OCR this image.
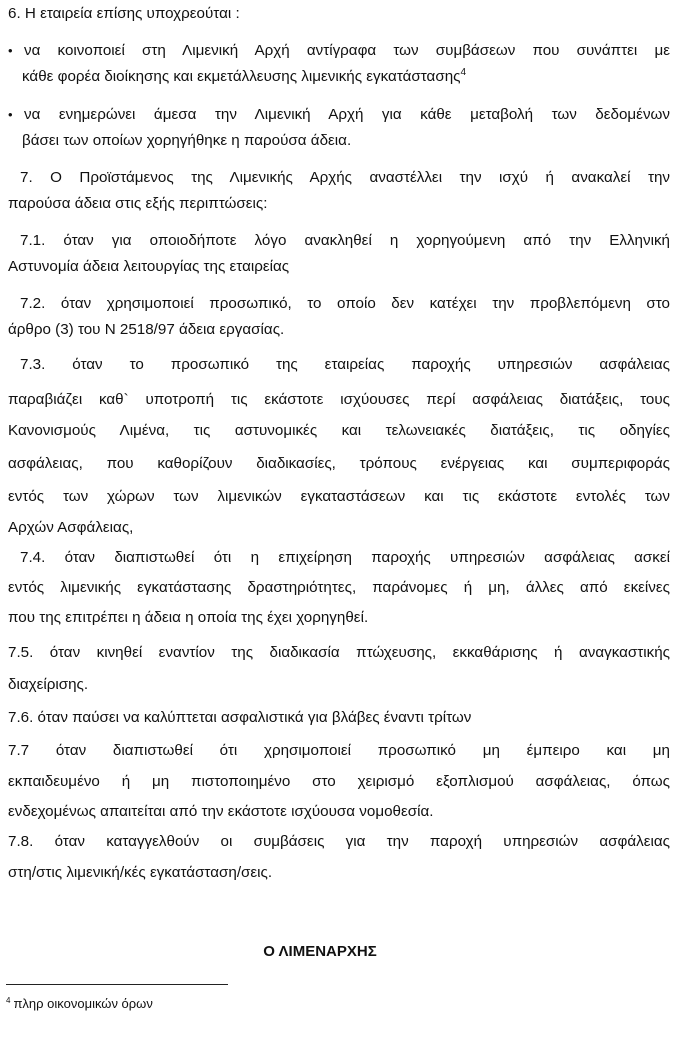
6. Η εταιρεία επίσης υποχρεούται :
• να κοινοποιεί στη Λιμενική Αρχή αντίγραφα των συμβάσεων που συνάπτει με
κάθε φορέα διοίκησης και εκμετάλλευσης λιμενικής εγκατάστασης$^4$
• να ενημερώνει άμεσα την Λιμενική Αρχή για κάθε μεταβολή των δεδομένων
βάσει των οποίων χορηγήθηκε η παρούσα άδεια.
7. Ο Προϊστάμενος της Λιμενικής Αρχής αναστέλλει την ισχύ ή ανακαλεί την
παρούσα άδεια στις εξής περιπτώσεις:
7.1. όταν για οποιοδήποτε λόγο ανακληθεί η χορηγούμενη από την Ελληνική
Αστυνομία άδεια λειτουργίας της εταιρείας
7.2. όταν χρησιμοποιεί προσωπικό, το οποίο δεν κατέχει την προβλεπόμενη στο
άρθρο (3) του Ν 2518/97 άδεια εργασίας.
7.3. όταν το προσωπικό της εταιρείας παροχής υπηρεσιών ασφάλειας
παραβιάζει καθ` υποτροπή τις εκάστοτε ισχύουσες περί ασφάλειας διατάξεις, τους
Κανονισμούς Λιμένα, τις αστυνομικές και τελωνειακές διατάξεις, τις οδηγίες
ασφάλειας, που καθορίζουν διαδικασίες, τρόπους ενέργειας και συμπεριφοράς
εντός των χώρων των λιμενικών εγκαταστάσεων και τις εκάστοτε εντολές των
Αρχών Ασφάλειας,
7.4. όταν διαπιστωθεί ότι η επιχείρηση παροχής υπηρεσιών ασφάλειας ασκεί
εντός λιμενικής εγκατάστασης δραστηριότητες, παράνομες ή μη, άλλες από εκείνες
που της επιτρέπει η άδεια η οποία της έχει χορηγηθεί.
7.5. όταν κινηθεί εναντίον της διαδικασία πτώχευσης, εκκαθάρισης ή αναγκαστικής
διαχείρισης.
7.6. όταν παύσει να καλύπτεται ασφαλιστικά για βλάβες έναντι τρίτων
7.7 όταν διαπιστωθεί ότι χρησιμοποιεί προσωπικό μη έμπειρο και μη
εκπαιδευμένο ή μη πιστοποιημένο στο χειρισμό εξοπλισμού ασφάλειας, όπως
ενδεχομένως απαιτείται από την εκάστοτε ισχύουσα νομοθεσία.
7.8. όταν καταγγελθούν οι συμβάσεις για την παροχή υπηρεσιών ασφάλειας
στη/στις λιμενική/κές εγκατάσταση/σεις.
Ο ΛΙΜΕΝΑΡΧΗΣ
$^4$ πληρ οικονομικών όρων
